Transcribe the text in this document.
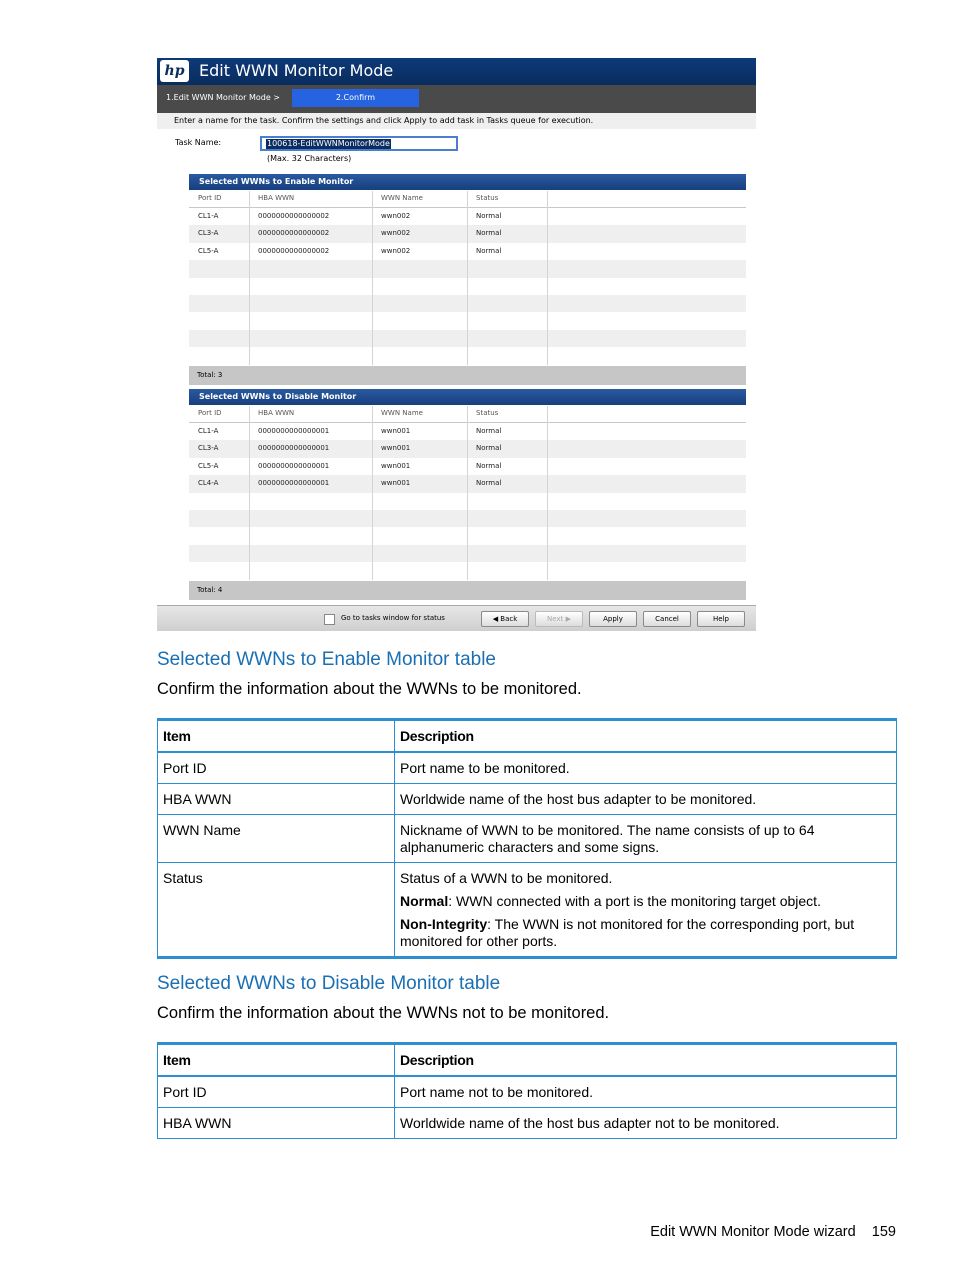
hp Edit WWN Monitor Mode
1.Edit WWN Monitor Mode >	2.Confirm
Enter a name for the task. Confirm the settings and click Apply to add task in Tasks queue for execution.
Task Name:	100618-EditWWNMonitorMode
(Max. 32 Characters)
Selected WWNs to Enable Monitor
Port ID	HBA WWN	WWN Name	Status
CL1-A	0000000000000002	wwn002	Normal
CL3-A	0000000000000002	wwn002	Normal
CL5-A	0000000000000002	wwn002	Normal
Total: 3
Selected WWNs to Disable Monitor
Port ID	HBA WWN	WWN Name	Status
CL1-A	0000000000000001	wwn001	Normal
CL3-A	0000000000000001	wwn001	Normal
CL5-A	0000000000000001	wwn001	Normal
CL4-A	0000000000000001	wwn001	Normal
Total: 4
Go to tasks window for status	◀ Back	Next ▶	Apply	Cancel	Help
Selected WWNs to Enable Monitor table
Confirm the information about the WWNs to be monitored.
Item	Description
Port ID	Port name to be monitored.
HBA WWN	Worldwide name of the host bus adapter to be monitored.
WWN Name	Nickname of WWN to be monitored. The name consists of up to 64 alphanumeric characters and some signs.
Status	Status of a WWN to be monitored.
Normal: WWN connected with a port is the monitoring target object.
Non-Integrity: The WWN is not monitored for the corresponding port, but monitored for other ports.
Selected WWNs to Disable Monitor table
Confirm the information about the WWNs not to be monitored.
Item	Description
Port ID	Port name not to be monitored.
HBA WWN	Worldwide name of the host bus adapter not to be monitored.
Edit WWN Monitor Mode wizard 159
